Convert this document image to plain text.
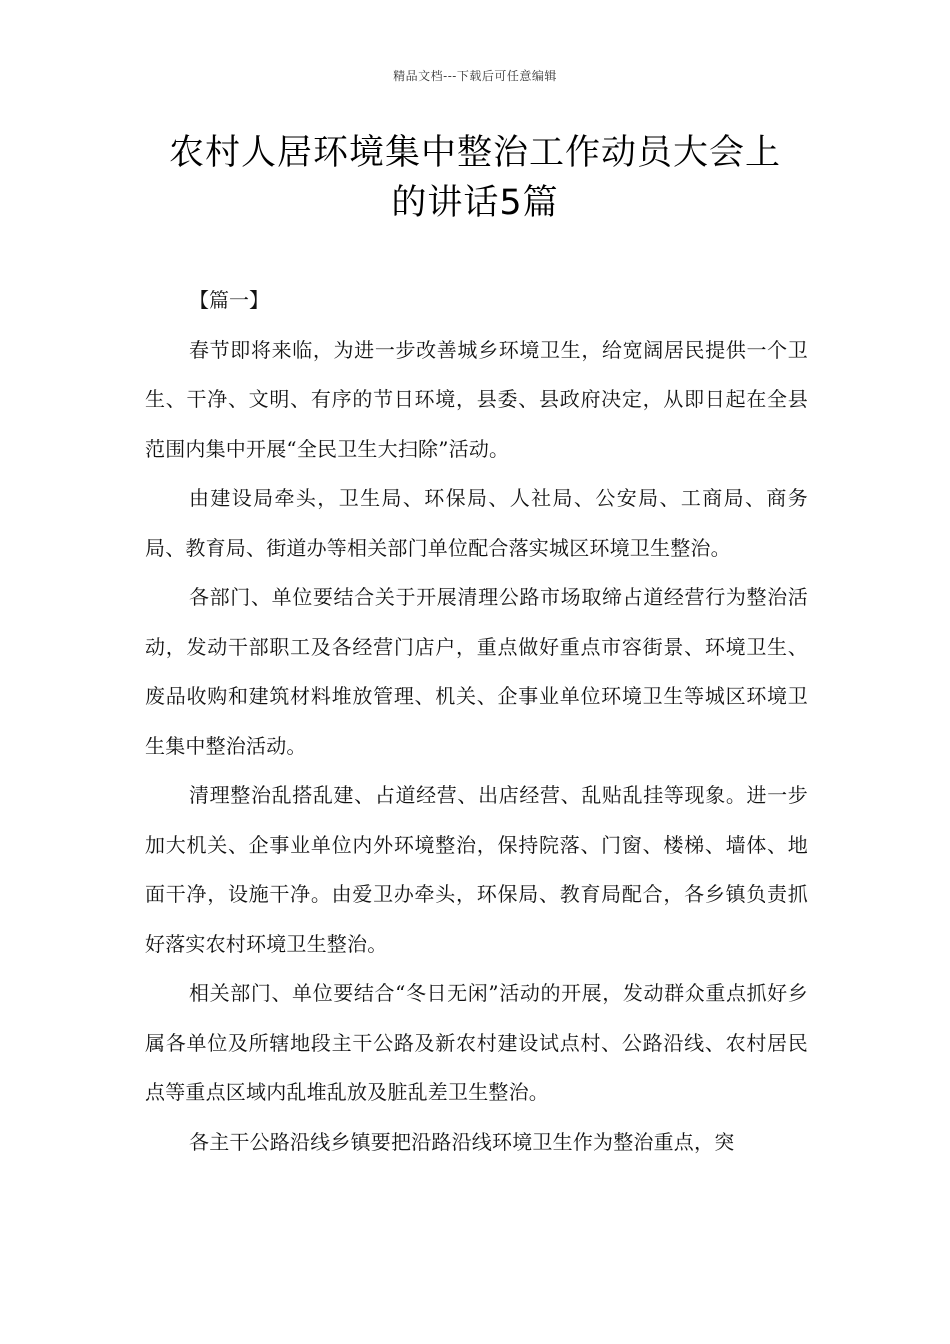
精品文档---下载后可任意编辑
农村人居环境集中整治工作动员大会上
的讲话5篇
【篇一】

春节即将来临，为进一步改善城乡环境卫生，给宽阔居民提供一个卫生、干净、文明、有序的节日环境，县委、县政府决定，从即日起在全县范围内集中开展“全民卫生大扫除”活动。

由建设局牵头，卫生局、环保局、人社局、公安局、工商局、商务局、教育局、街道办等相关部门单位配合落实城区环境卫生整治。

各部门、单位要结合关于开展清理公路市场取缔占道经营行为整治活动，发动干部职工及各经营门店户，重点做好重点市容街景、环境卫生、废品收购和建筑材料堆放管理、机关、企事业单位环境卫生等城区环境卫生集中整治活动。

清理整治乱搭乱建、占道经营、出店经营、乱贴乱挂等现象。进一步加大机关、企事业单位内外环境整治，保持院落、门窗、楼梯、墙体、地面干净，设施干净。由爱卫办牵头，环保局、教育局配合，各乡镇负责抓好落实农村环境卫生整治。

相关部门、单位要结合“冬日无闲”活动的开展，发动群众重点抓好乡属各单位及所辖地段主干公路及新农村建设试点村、公路沿线、农村居民点等重点区域内乱堆乱放及脏乱差卫生整治。

各主干公路沿线乡镇要把沿路沿线环境卫生作为整治重点，突
